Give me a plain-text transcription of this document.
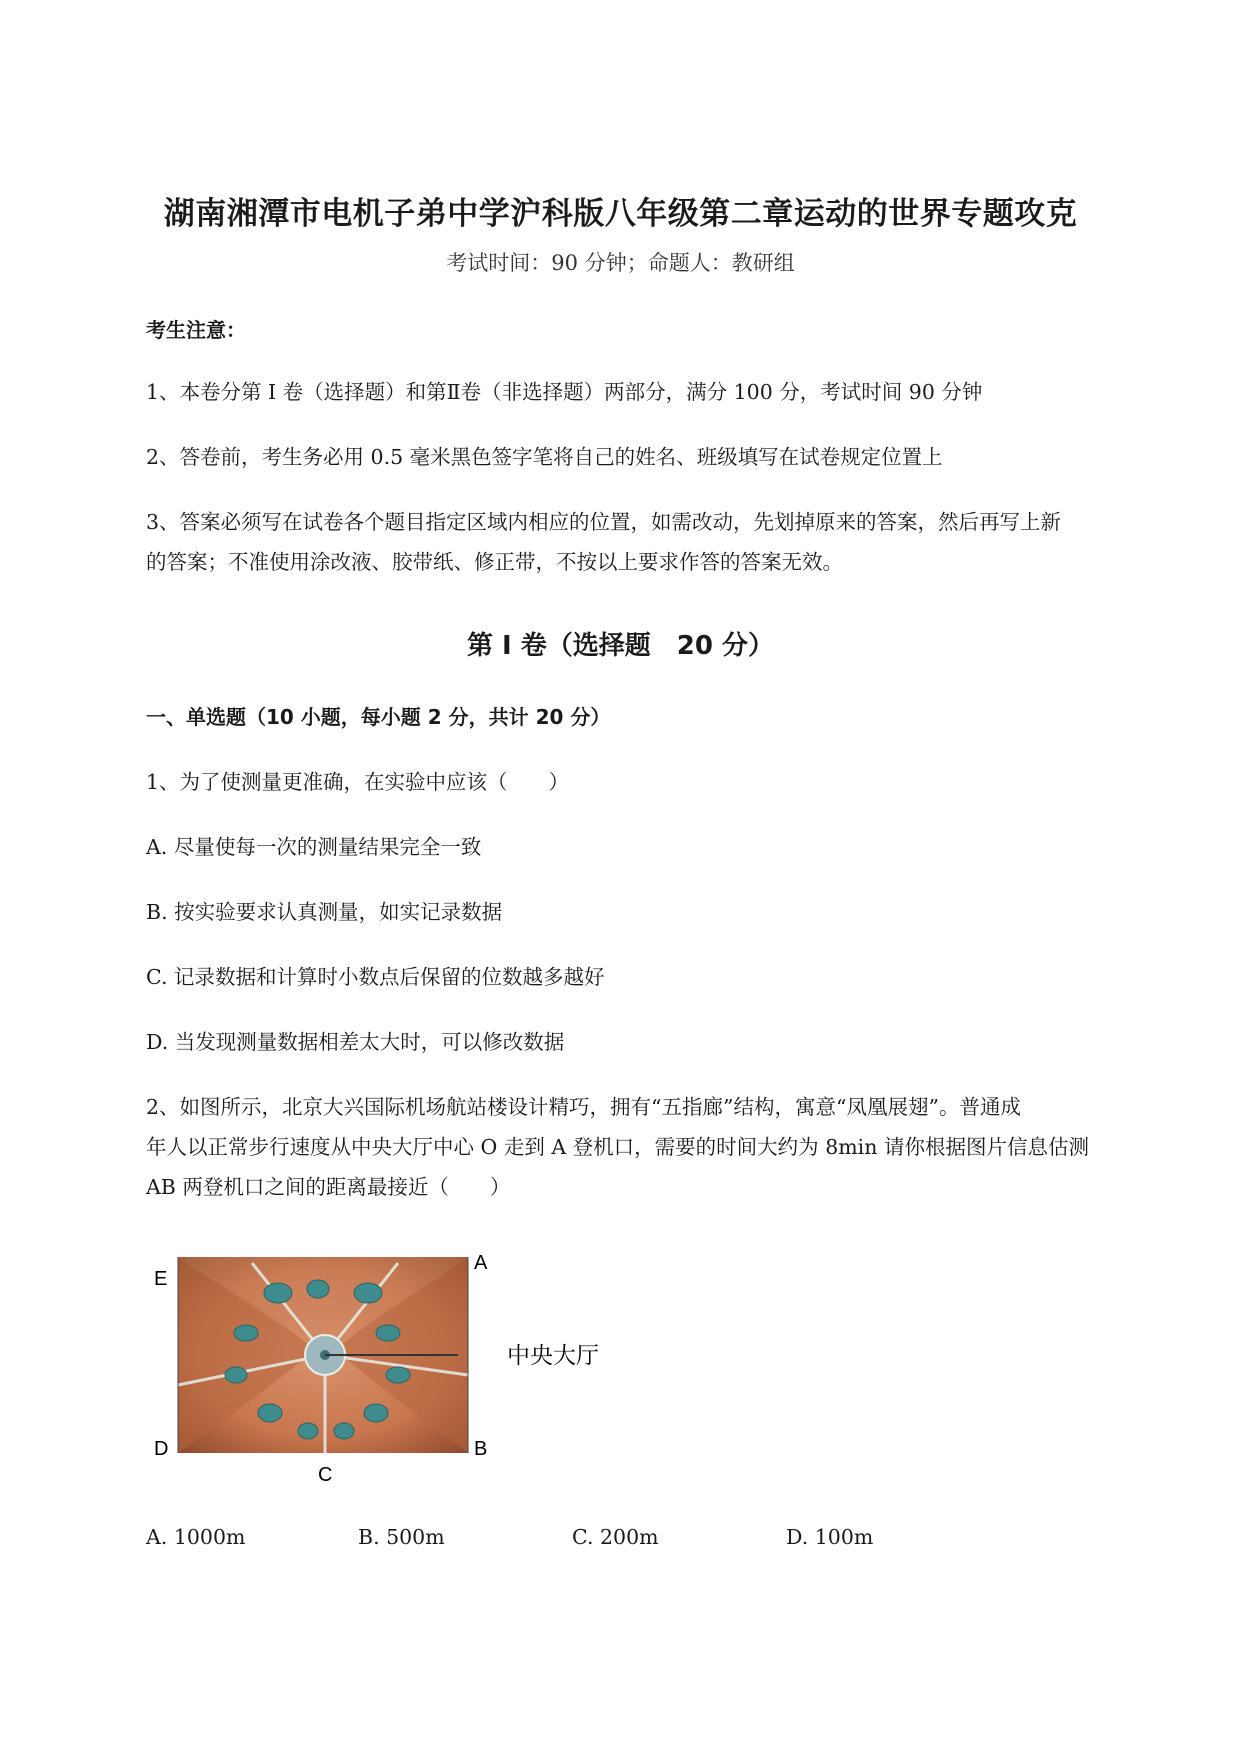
湖南湘潭市电机子弟中学沪科版八年级第二章运动的世界专题攻克
考试时间：90 分钟；命题人：教研组
考生注意：
1、本卷分第 I 卷（选择题）和第Ⅱ卷（非选择题）两部分，满分 100 分，考试时间 90 分钟
2、答卷前，考生务必用 0.5 毫米黑色签字笔将自己的姓名、班级填写在试卷规定位置上
3、答案必须写在试卷各个题目指定区域内相应的位置，如需改动，先划掉原来的答案，然后再写上新
的答案；不准使用涂改液、胶带纸、修正带，不按以上要求作答的答案无效。
第 I 卷（选择题　20 分）
一、单选题（10 小题，每小题 2 分，共计 20 分）
1、为了使测量更准确，在实验中应该（　　）
A. 尽量使每一次的测量结果完全一致
B. 按实验要求认真测量，如实记录数据
C. 记录数据和计算时小数点后保留的位数越多越好
D. 当发现测量数据相差太大时，可以修改数据
2、如图所示，北京大兴国际机场航站楼设计精巧，拥有“五指廊”结构，寓意“凤凰展翅”。普通成
年人以正常步行速度从中央大厅中心 O 走到 A 登机口，需要的时间大约为 8min 请你根据图片信息估测
AB 两登机口之间的距离最接近（　　）
E
A
D	B
C
中央大厅
A. 1000m	B. 500m	C. 200m	D. 100m
